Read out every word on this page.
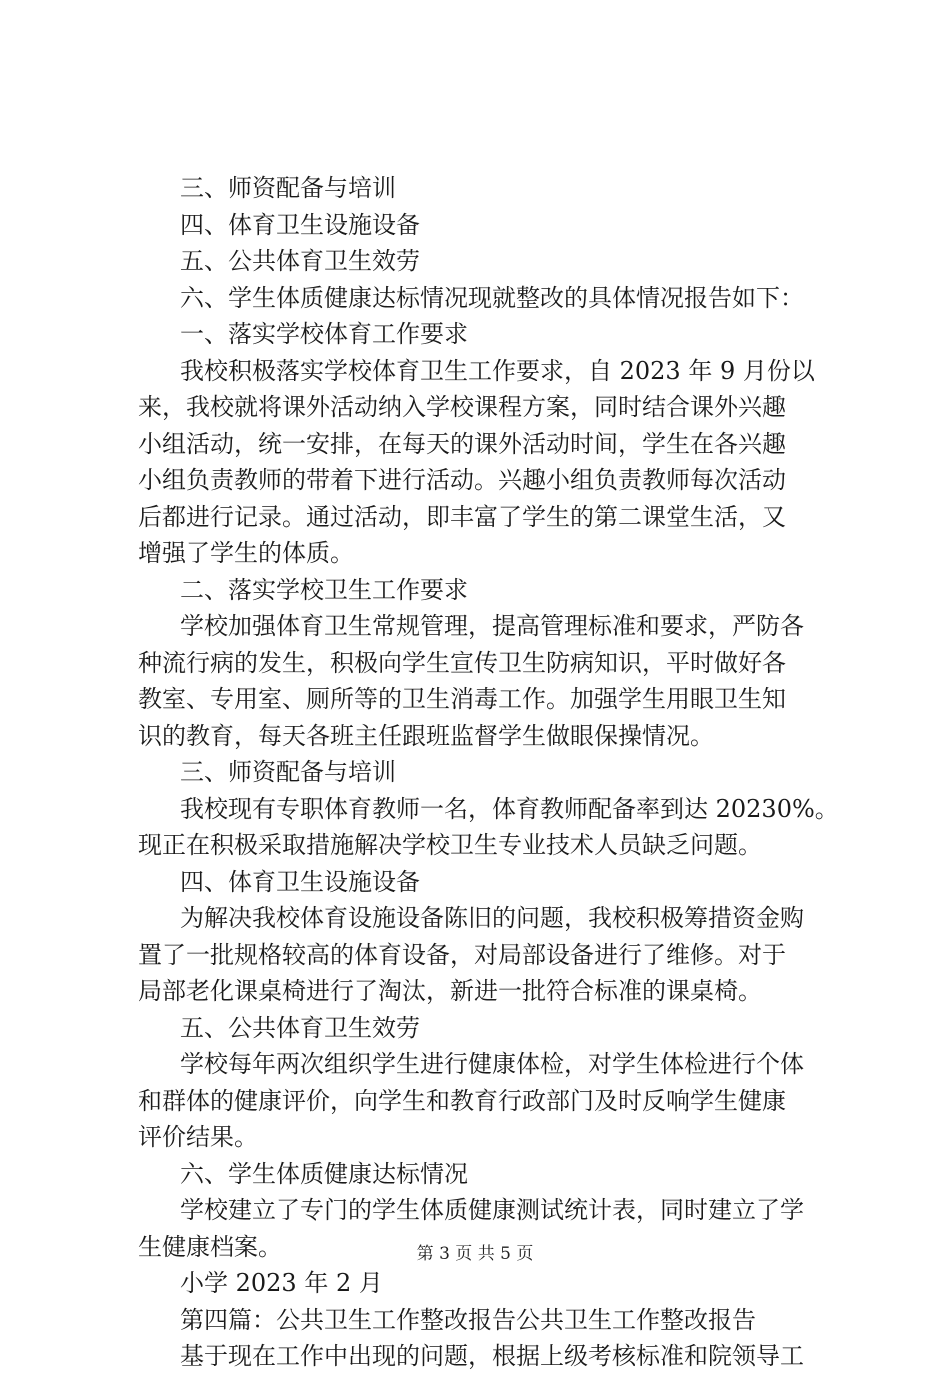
三、师资配备与培训
四、体育卫生设施设备
五、公共体育卫生效劳
六、学生体质健康达标情况现就整改的具体情况报告如下：
一、落实学校体育工作要求
我校积极落实学校体育卫生工作要求，自 2023 年 9 月份以
来，我校就将课外活动纳入学校课程方案，同时结合课外兴趣
小组活动，统一安排，在每天的课外活动时间，学生在各兴趣
小组负责教师的带着下进行活动。兴趣小组负责教师每次活动
后都进行记录。通过活动，即丰富了学生的第二课堂生活，又
增强了学生的体质。
二、落实学校卫生工作要求
学校加强体育卫生常规管理，提高管理标准和要求，严防各
种流行病的发生，积极向学生宣传卫生防病知识，平时做好各
教室、专用室、厕所等的卫生消毒工作。加强学生用眼卫生知
识的教育，每天各班主任跟班监督学生做眼保操情况。
三、师资配备与培训
我校现有专职体育教师一名，体育教师配备率到达 20230%。
现正在积极采取措施解决学校卫生专业技术人员缺乏问题。
四、体育卫生设施设备
为解决我校体育设施设备陈旧的问题，我校积极筹措资金购
置了一批规格较高的体育设备，对局部设备进行了维修。对于
局部老化课桌椅进行了淘汰，新进一批符合标准的课桌椅。
五、公共体育卫生效劳
学校每年两次组织学生进行健康体检，对学生体检进行个体
和群体的健康评价，向学生和教育行政部门及时反响学生健康
评价结果。
六、学生体质健康达标情况
学校建立了专门的学生体质健康测试统计表，同时建立了学
生健康档案。
小学 2023 年 2 月
第四篇：公共卫生工作整改报告公共卫生工作整改报告
基于现在工作中出现的问题，根据上级考核标准和院领导工
第 3 页 共 5 页
